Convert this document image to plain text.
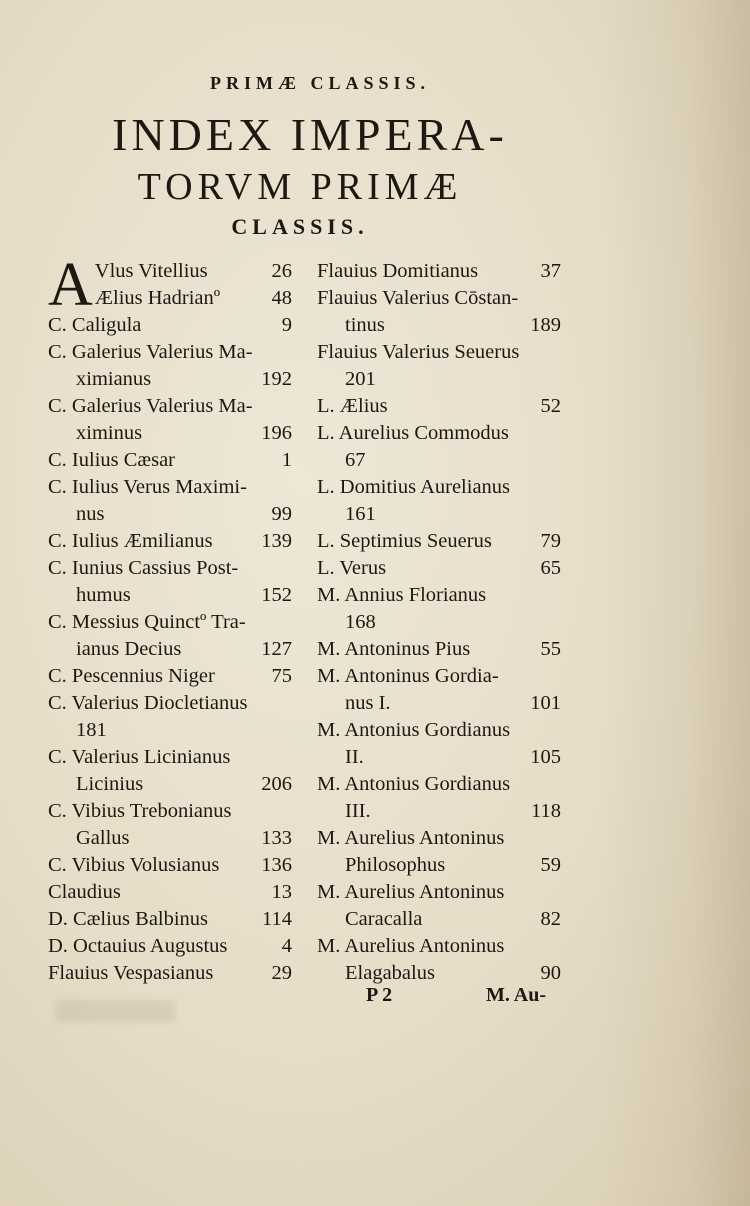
PRIMÆ CLASSIS.
INDEX IMPERA-
TORVM PRIMÆ
CLASSIS.
A Vlus Vitellius	26
Ælius Hadrianº	48
C. Caligula	9
C. Galerius Valerius Ma-
ximianus	192
C. Galerius Valerius Ma-
ximinus	196
C. Iulius Cæsar	1
C. Iulius Verus Maximi-
nus	99
C. Iulius Æmilianus 139
C. Iunius Cassius Post-
humus	152
C. Messius Quinctº Tra-
ianus Decius	127
C. Pescennius Niger	75
C. Valerius Diocletianus
181
C. Valerius Licinianus
Licinius	206
C. Vibius Trebonianus
Gallus	133
C. Vibius Volusianus 136
Claudius	13
D. Cælius Balbinus	114
D. Octauius Augustus	4
Flauius Vespasianus	29
Flauius Domitianus	37
Flauius Valerius Cōstan-
tinus	189
Flauius Valerius Seuerus
201
L. Ælius	52
L. Aurelius Commodus
67
L. Domitius Aurelianus
161
L. Septimius Seuerus 79
L. Verus	65
M. Annius Florianus
168
M. Antoninus Pius	55
M. Antoninus Gordia-
nus I.	101
M. Antonius Gordianus
II.	105
M. Antonius Gordianus
III.	118
M. Aurelius Antoninus
Philosophus	59
M. Aurelius Antoninus
Caracalla	82
M. Aurelius Antoninus
Elagabalus	90
P 2	M. Au-
